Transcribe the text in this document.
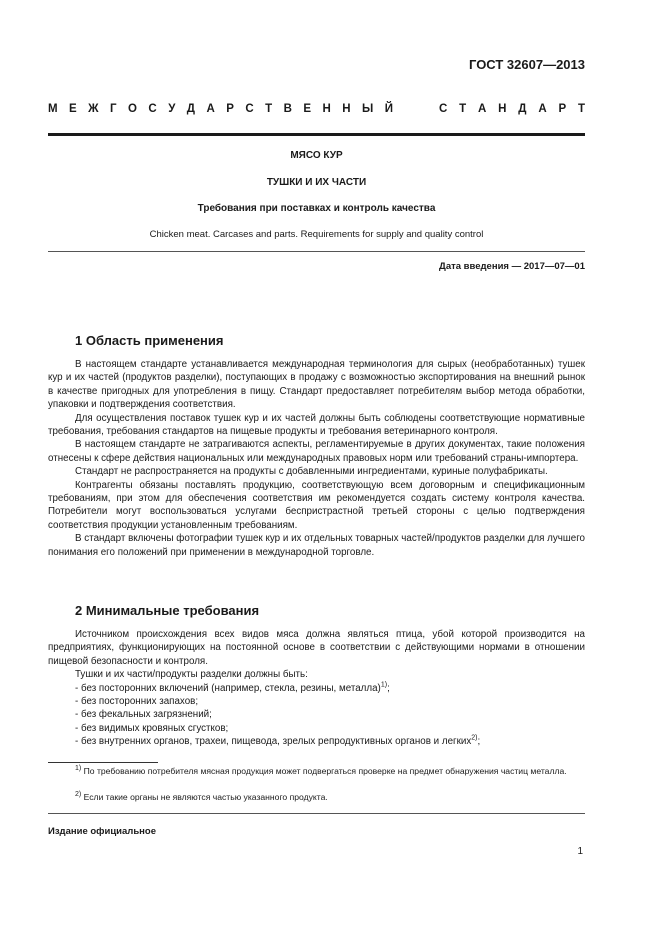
ГОСТ 32607—2013
М Е Ж Г О С У Д А Р С Т В Е Н Н Ы Й	С Т А Н Д А Р Т
МЯСО КУР
ТУШКИ И ИХ ЧАСТИ
Требования при поставках и контроль качества
Chicken meat. Carcases and parts. Requirements for supply and quality control
Дата введения — 2017—07—01
1 Область применения

В настоящем стандарте устанавливается международная терминология для сырых (необработанных) тушек кур и их частей (продуктов разделки), поступающих в продажу с возможностью экспортирования на внешний рынок в качестве пригодных для употребления в пищу. Стандарт предоставляет потребителям выбор метода обработки, упаковки и подтверждения соответствия.

Для осуществления поставок тушек кур и их частей должны быть соблюдены соответствующие нормативные требования, требования стандартов на пищевые продукты и требования ветеринарного контроля.

В настоящем стандарте не затрагиваются аспекты, регламентируемые в других документах, такие положения отнесены к сфере действия национальных или международных правовых норм или требований страны-импортера.

Стандарт не распространяется на продукты с добавленными ингредиентами, куриные полуфабрикаты.

Контрагенты обязаны поставлять продукцию, соответствующую всем договорным и спецификационным требованиям, при этом для обеспечения соответствия им рекомендуется создать систему контроля качества. Потребители могут воспользоваться услугами беспристрастной третьей стороны с целью подтверждения соответствия продукции установленным требованиям.

В стандарт включены фотографии тушек кур и их отдельных товарных частей/продуктов разделки для лучшего понимания его положений при применении в международной торговле.

2 Минимальные требования

Источником происхождения всех видов мяса должна являться птица, убой которой производится на предприятиях, функционирующих на постоянной основе в соответствии с действующими нормами в отношении пищевой безопасности и контроля.

Тушки и их части/продукты разделки должны быть:

- без посторонних включений (например, стекла, резины, металла)$^{1)}$;
- без посторонних запахов;
- без фекальных загрязнений;
- без видимых кровяных сгустков;
- без внутренних органов, трахеи, пищевода, зрелых репродуктивных органов и легких$^{2)}$;

$^{1)}$ По требованию потребителя мясная продукция может подвергаться проверке на предмет обнаружения частиц металла.

$^{2)}$ Если такие органы не являются частью указанного продукта.

Издание официальное
1
